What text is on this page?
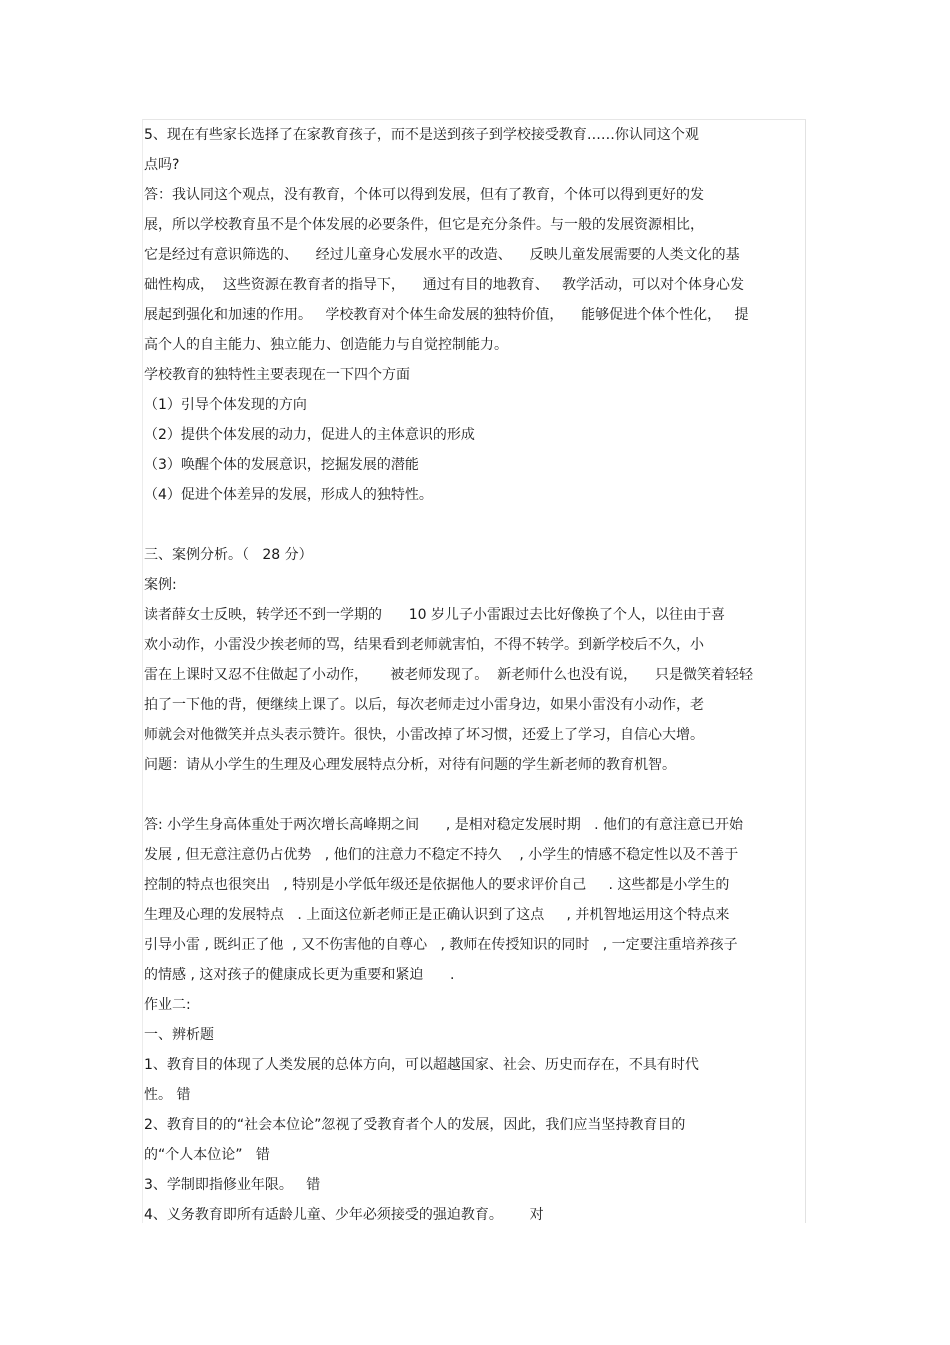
5、现在有些家长选择了在家教育孩子，而不是送到孩子到学校接受教育……你认同这个观

点吗?

答：我认同这个观点，没有教育，个体可以得到发展，但有了教育，个体可以得到更好的发

展，所以学校教育虽不是个体发展的必要条件，但它是充分条件。与一般的发展资源相比，

它是经过有意识筛选的、    经过儿童身心发展水平的改造、    反映儿童发展需要的人类文化的基

础性构成，  这些资源在教育者的指导下，    通过有目的地教育、   教学活动，可以对个体身心发

展起到强化和加速的作用。   学校教育对个体生命发展的独特价值，    能够促进个体个性化，   提

高个人的自主能力、独立能力、创造能力与自觉控制能力。

学校教育的独特性主要表现在一下四个方面

（1）引导个体发现的方向

（2）提供个体发展的动力，促进人的主体意识的形成

（3）唤醒个体的发展意识，挖掘发展的潜能

（4）促进个体差异的发展，形成人的独特性。

三、案例分析。（   28 分）

案例:

读者薛女士反映，转学还不到一学期的      10 岁儿子小雷跟过去比好像换了个人，以往由于喜

欢小动作，小雷没少挨老师的骂，结果看到老师就害怕，不得不转学。到新学校后不久，小

雷在上课时又忍不住做起了小动作，     被老师发现了。  新老师什么也没有说，    只是微笑着轻轻

拍了一下他的背，便继续上课了。以后，每次老师走过小雷身边，如果小雷没有小动作，老

师就会对他微笑并点头表示赞许。很快，小雷改掉了坏习惯，还爱上了学习，自信心大增。

问题：请从小学生的生理及心理发展特点分析，对待有问题的学生新老师的教育机智。

答: 小学生身高体重处于两次增长高峰期之间      , 是相对稳定发展时期   . 他们的有意注意已开始

发展 , 但无意注意仍占优势   , 他们的注意力不稳定不持久    , 小学生的情感不稳定性以及不善于

控制的特点也很突出   , 特别是小学低年级还是依据他人的要求评价自己     . 这些都是小学生的

生理及心理的发展特点   . 上面这位新老师正是正确认识到了这点     , 并机智地运用这个特点来

引导小雷 , 既纠正了他  , 又不伤害他的自尊心   , 教师在传授知识的同时   , 一定要注重培养孩子

的情感 , 这对孩子的健康成长更为重要和紧迫      .

作业二:

一、辨析题

1、教育目的体现了人类发展的总体方向，可以超越国家、社会、历史而存在，不具有时代

性。 错

2、教育目的的“社会本位论”忽视了受教育者个人的发展，因此，我们应当坚持教育目的

的“个人本位论”   错

3、学制即指修业年限。   错

4、义务教育即所有适龄儿童、少年必须接受的强迫教育。      对
